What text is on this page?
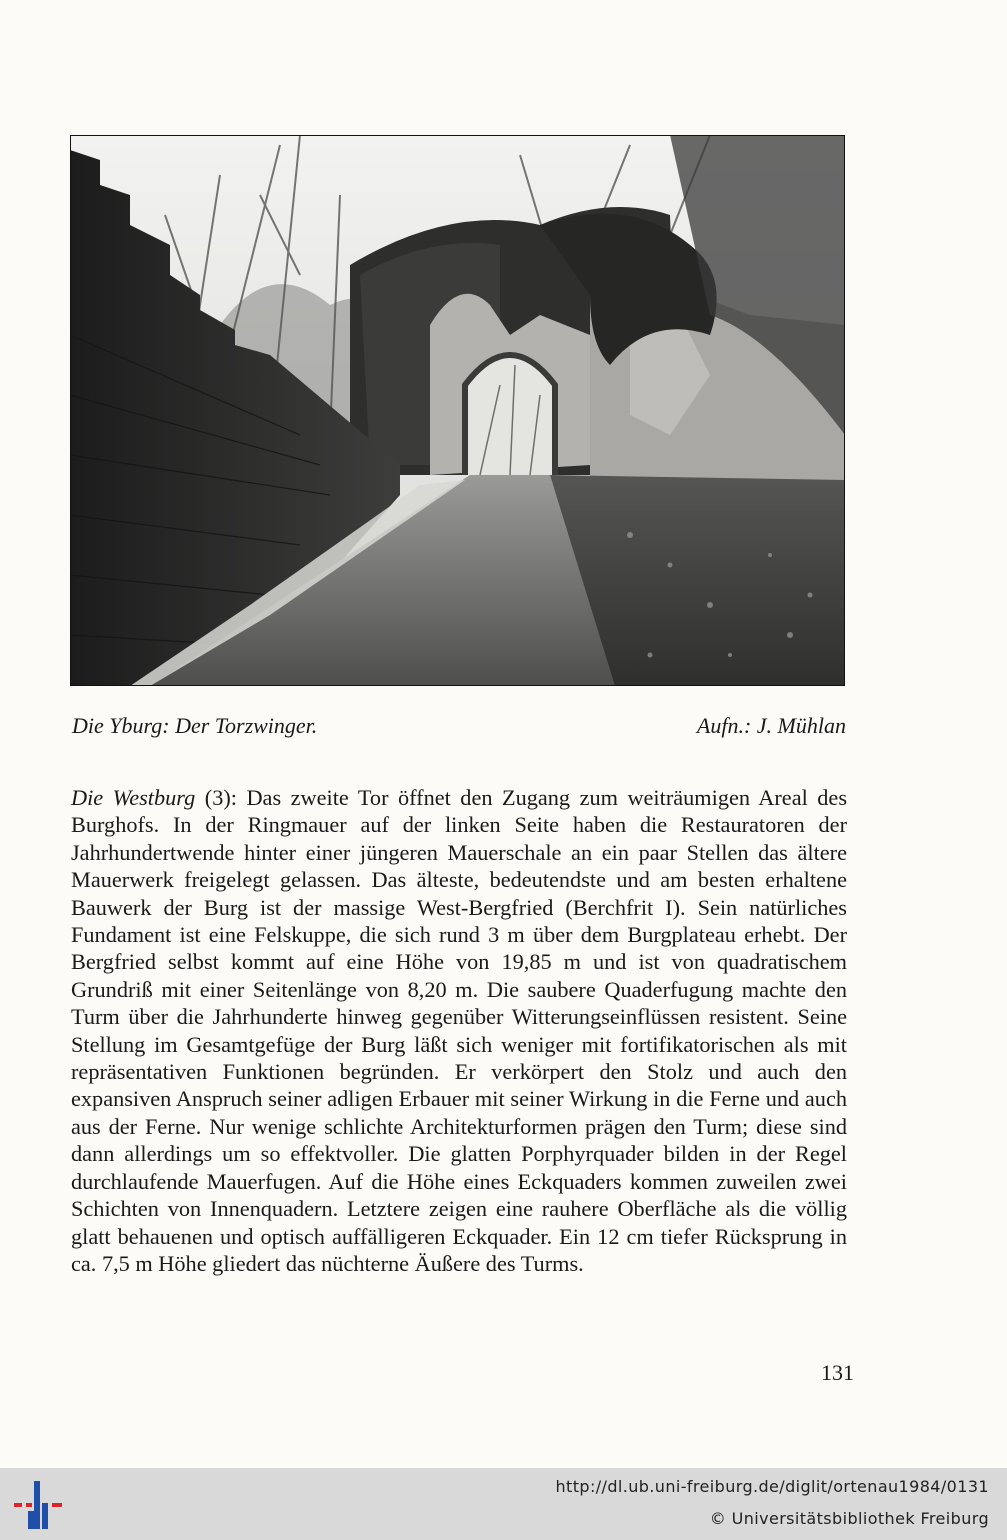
Die Yburg: Der Torzwinger.	Aufn.: J. Mühlan

Die Westburg (3): Das zweite Tor öffnet den Zugang zum weiträumigen Areal des Burghofs. In der Ringmauer auf der linken Seite haben die Restauratoren der Jahrhundertwende hinter einer jüngeren Mauerschale an ein paar Stellen das ältere Mauerwerk freigelegt gelassen. Das älteste, bedeutendste und am besten erhaltene Bauwerk der Burg ist der massige West-Bergfried (Berchfrit I). Sein natürliches Fundament ist eine Felskuppe, die sich rund 3 m über dem Burgplateau erhebt. Der Bergfried selbst kommt auf eine Höhe von 19,85 m und ist von quadratischem Grundriß mit einer Seitenlänge von 8,20 m. Die saubere Quaderfugung machte den Turm über die Jahrhunderte hinweg gegenüber Witterungseinflüssen resistent. Seine Stellung im Gesamtgefüge der Burg läßt sich weniger mit fortifikatorischen als mit repräsentativen Funktionen begründen. Er verkörpert den Stolz und auch den expansiven Anspruch seiner adligen Erbauer mit seiner Wirkung in die Ferne und auch aus der Ferne. Nur wenige schlichte Architekturformen prägen den Turm; diese sind dann allerdings um so effektvoller. Die glatten Porphyrquader bilden in der Regel durchlaufende Mauerfugen. Auf die Höhe eines Eckquaders kommen zuweilen zwei Schichten von Innenquadern. Letztere zeigen eine rauhere Oberfläche als die völlig glatt behauenen und optisch auffälligeren Eckquader. Ein 12 cm tiefer Rücksprung in ca. 7,5 m Höhe gliedert das nüchterne Äußere des Turms.

131
http://dl.ub.uni-freiburg.de/diglit/ortenau1984/0131
© Universitätsbibliothek Freiburg
